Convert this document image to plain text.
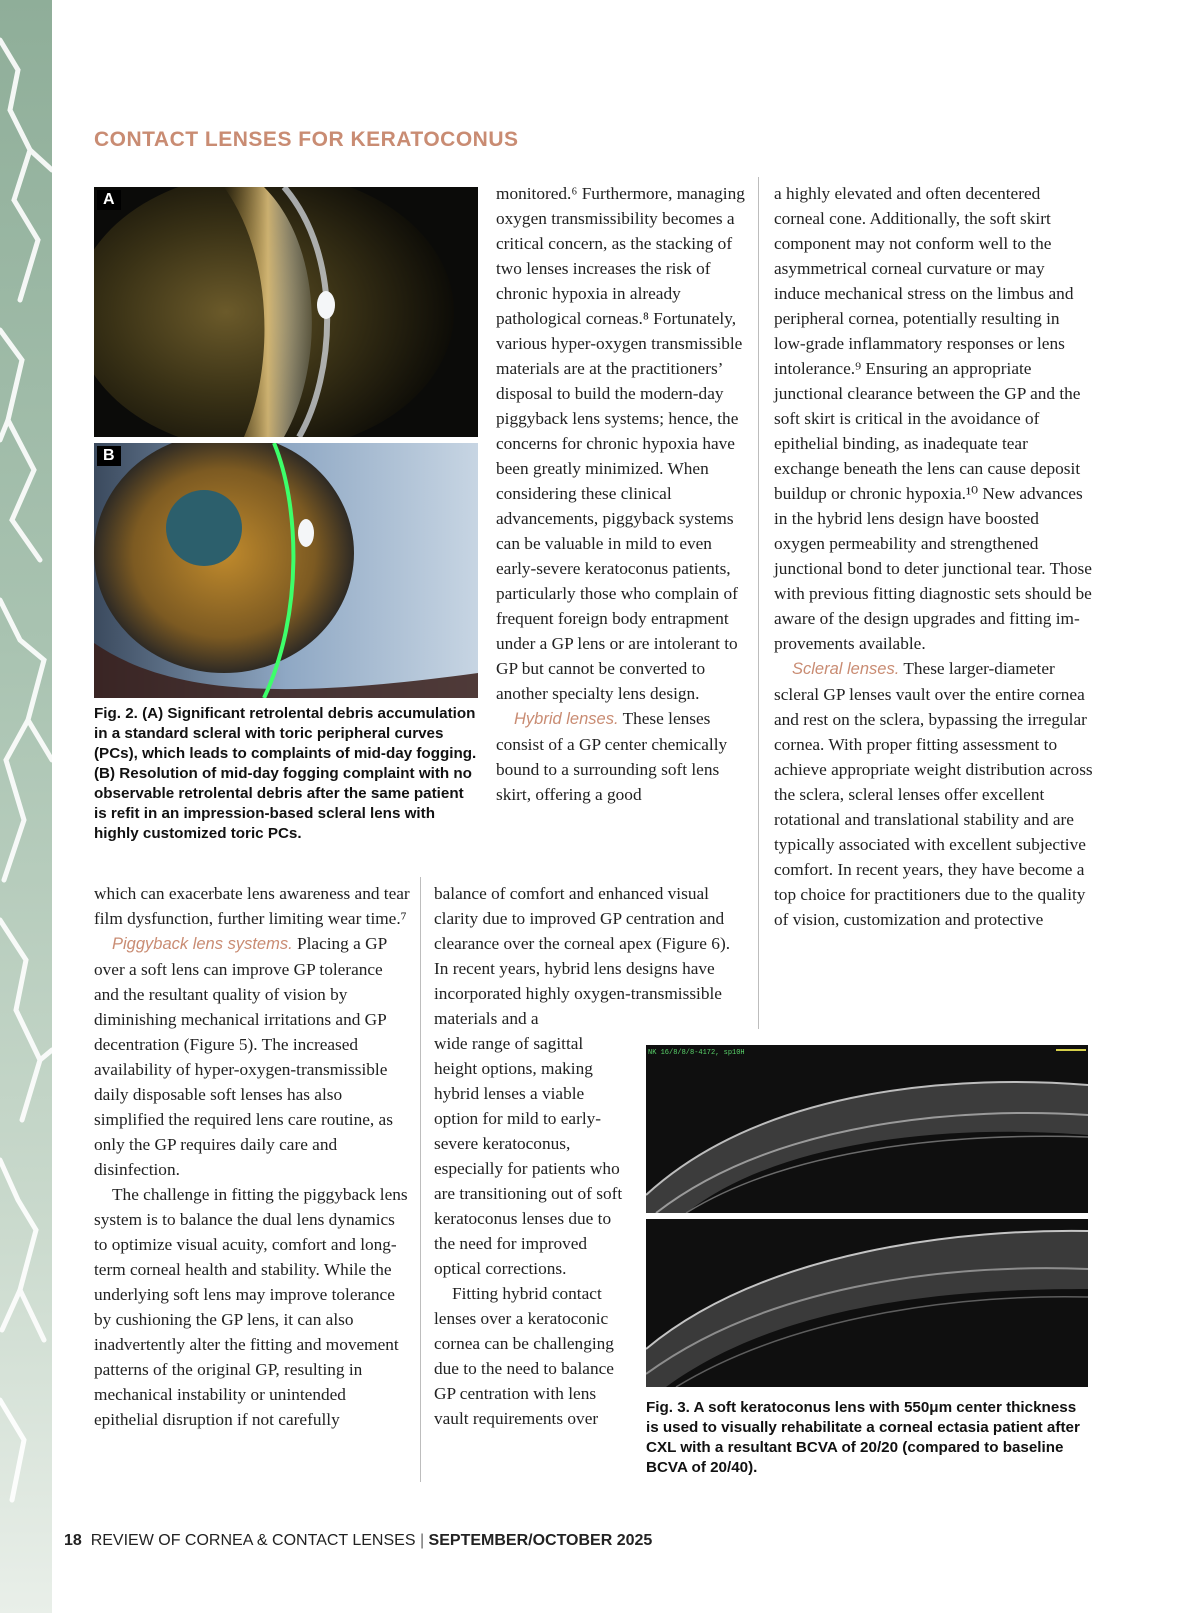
CONTACT LENSES FOR KERATOCONUS
A
B

Fig. 2. (A) Significant retrolental debris accumulation in a standard scleral with toric peripheral curves (PCs), which leads to complaints of mid-day fogging. (B) Resolution of mid-day fogging complaint with no observable retrolental debris after the same patient is refit in an impression-based scleral lens with highly customized toric PCs.

monitored.⁶ Furthermore, managing oxygen transmissibility becomes a critical concern, as the stacking of two lenses increases the risk of chronic hypoxia in already pathological corneas.⁸ Fortunately, various hyper-oxygen transmissible materials are at the practitioners’ disposal to build the modern-day piggyback lens systems; hence, the concerns for chronic hypoxia have been greatly minimized. When considering these clinical advancements, piggyback systems can be valuable in mild to even early-severe keratoconus patients, particularly those who complain of frequent foreign body entrapment under a GP lens or are intolerant to GP but cannot be converted to another specialty lens design.

Hybrid lenses. These lenses consist of a GP center chemically bound to a surrounding soft lens skirt, offering a good

a highly elevated and often decentered corneal cone. Additionally, the soft skirt component may not conform well to the asymmetrical corneal curvature or may induce mechanical stress on the limbus and peripheral cornea, potentially resulting in low-grade inflammatory responses or lens intolerance.⁹ Ensuring an appropriate junctional clearance between the GP and the soft skirt is critical in the avoidance of epithelial binding, as inadequate tear exchange beneath the lens can cause deposit buildup or chronic hypoxia.¹⁰ New advances in the hybrid lens design have boosted oxygen permeability and strengthened junctional bond to deter junctional tear. Those with previous fitting diagnostic sets should be aware of the design upgrades and fitting improvements available.

Scleral lenses. These larger-diameter scleral GP lenses vault over the entire cornea and rest on the sclera, bypassing the irregular cornea. With proper fitting assessment to achieve appropriate weight distribution across the sclera, scleral lenses offer excellent rotational and translational stability and are typically associated with excellent subjective comfort. In recent years, they have become a top choice for practitioners due to the quality of vision, customization and protective

which can exacerbate lens awareness and tear film dysfunction, further limiting wear time.⁷

Piggyback lens systems. Placing a GP over a soft lens can improve GP tolerance and the resultant quality of vision by diminishing mechanical irritations and GP decentration (Figure 5). The increased availability of hyper-oxygen-transmissible daily disposable soft lenses has also simplified the required lens care routine, as only the GP requires daily care and disinfection.

The challenge in fitting the piggyback lens system is to balance the dual lens dynamics to optimize visual acuity, comfort and long-term corneal health and stability. While the underlying soft lens may improve tolerance by cushioning the GP lens, it can also inadvertently alter the fitting and movement patterns of the original GP, resulting in mechanical instability or unintended epithelial disruption if not carefully

balance of comfort and enhanced visual clarity due to improved GP centration and clearance over the corneal apex (Figure 6). In recent years, hybrid lens designs have incorporated highly oxygen-transmissible materials and a

wide range of sagittal height options, making hybrid lenses a viable option for mild to early-severe keratoconus, especially for patients who are transitioning out of soft keratoconus lenses due to the need for improved optical corrections.

Fitting hybrid contact lenses over a keratoconic cornea can be challenging due to the need to balance GP centration with lens vault requirements over

NK 16/8/8/8-4172, sp10H

Fig. 3. A soft keratoconus lens with 550μm center thickness is used to visually rehabilitate a corneal ectasia patient after CXL with a resultant BCVA of 20/20 (compared to baseline BCVA of 20/40).

18 REVIEW OF CORNEA & CONTACT LENSES | SEPTEMBER/OCTOBER 2025
